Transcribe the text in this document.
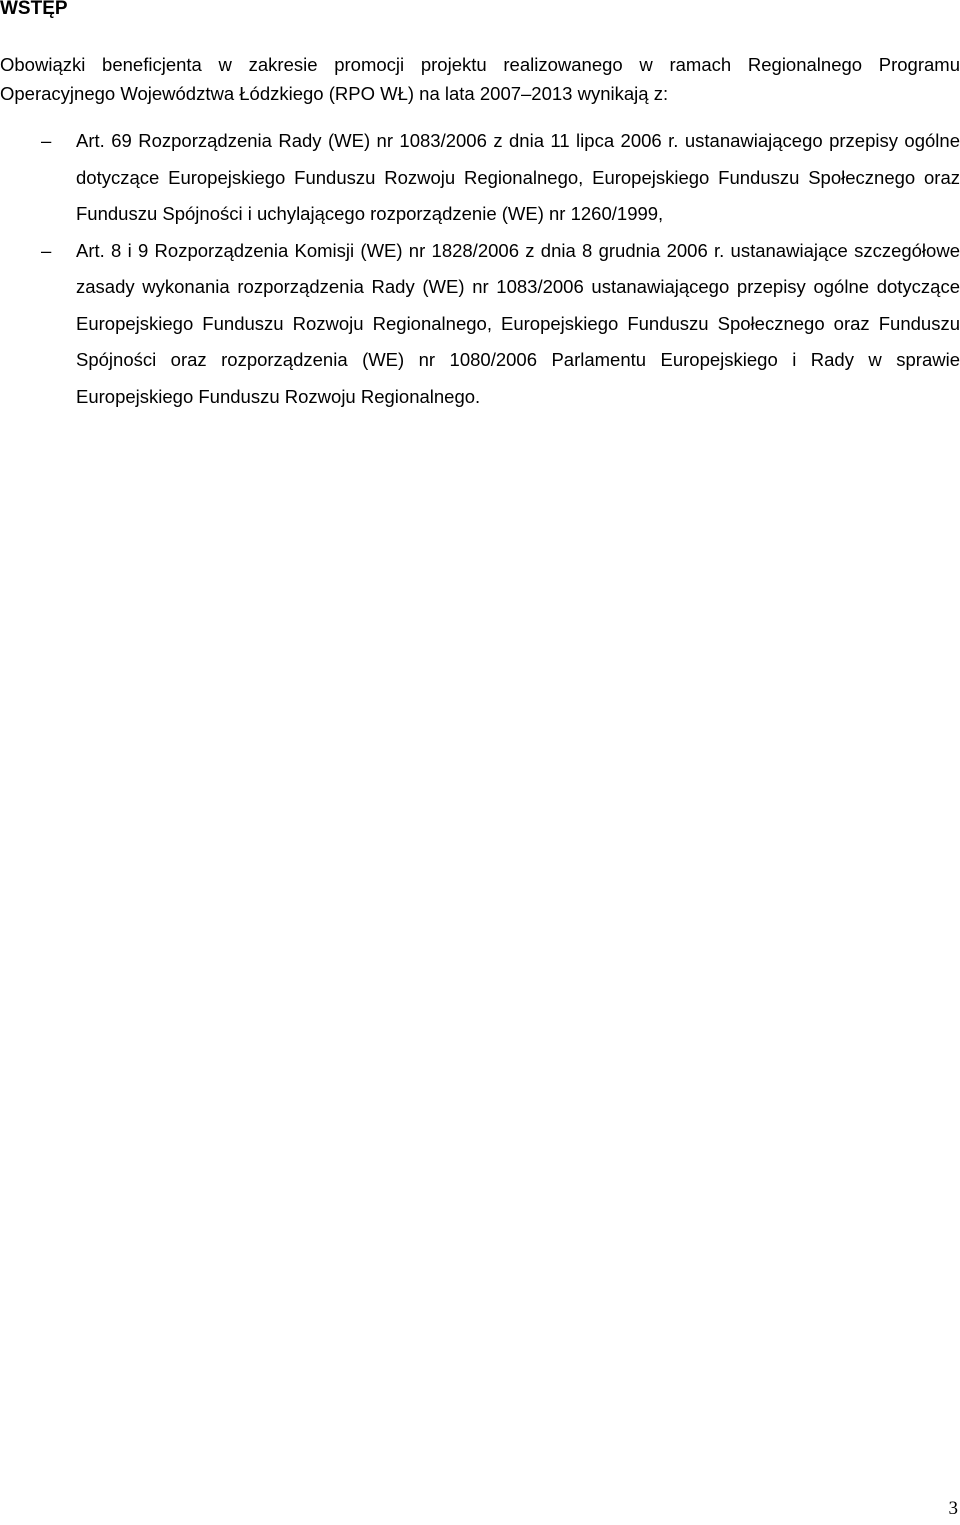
WSTĘP

Obowiązki beneficjenta w zakresie promocji projektu realizowanego w ramach Regionalnego Programu Operacyjnego Województwa Łódzkiego (RPO WŁ) na lata 2007–2013 wynikają z:

– Art. 69 Rozporządzenia Rady (WE) nr 1083/2006 z dnia 11 lipca 2006 r. ustanawiającego przepisy ogólne dotyczące Europejskiego Funduszu Rozwoju Regionalnego, Europejskiego Funduszu Społecznego oraz Funduszu Spójności i uchylającego rozporządzenie (WE) nr 1260/1999,
– Art. 8 i 9 Rozporządzenia Komisji (WE) nr 1828/2006 z dnia 8 grudnia 2006 r. ustanawiające szczegółowe zasady wykonania rozporządzenia Rady (WE) nr 1083/2006 ustanawiającego przepisy ogólne dotyczące Europejskiego Funduszu Rozwoju Regionalnego, Europejskiego Funduszu Społecznego oraz Funduszu Spójności oraz rozporządzenia (WE) nr 1080/2006 Parlamentu Europejskiego i Rady w sprawie Europejskiego Funduszu Rozwoju Regionalnego.
3
